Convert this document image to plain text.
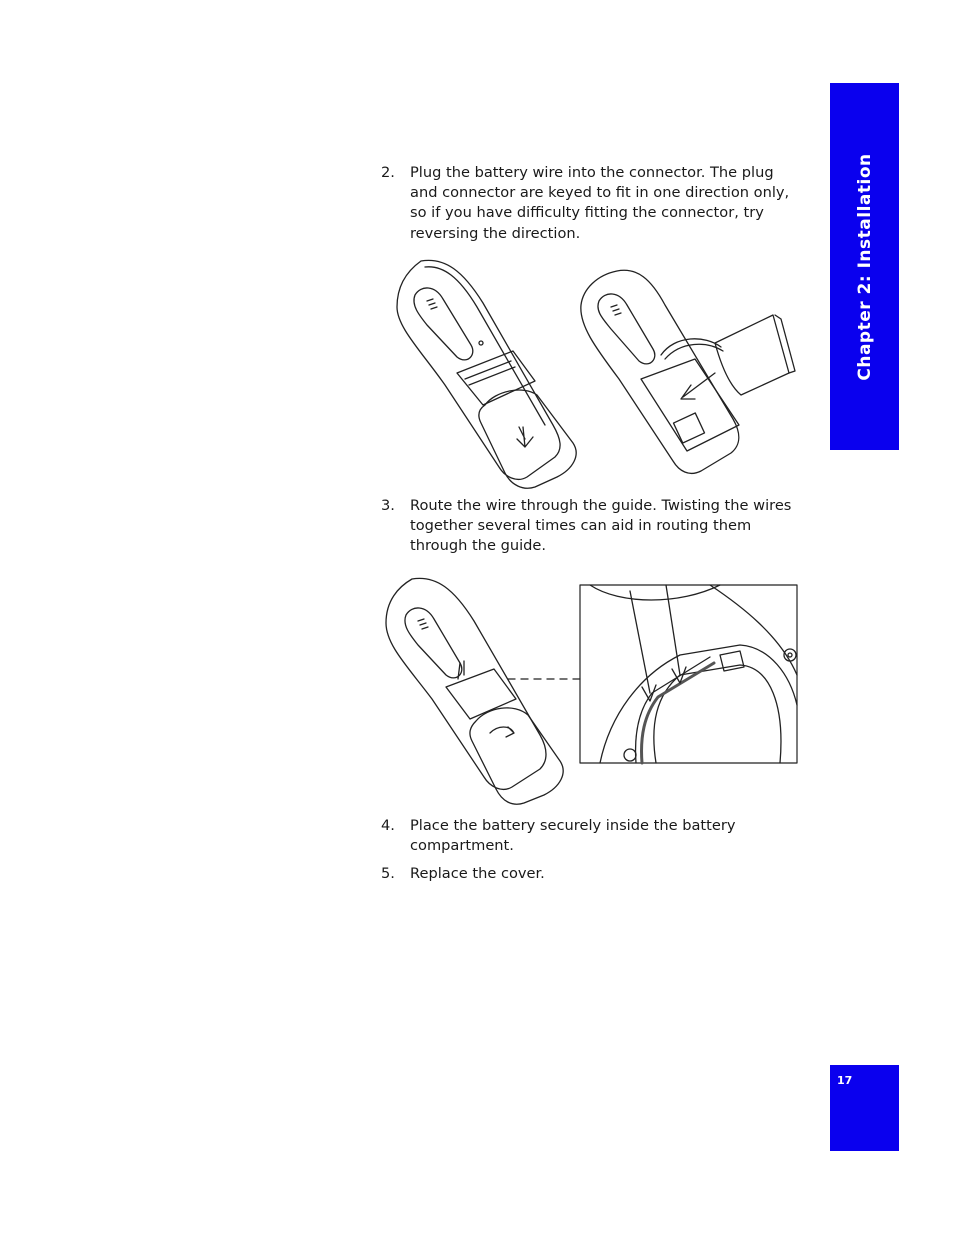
Chapter 2: Installation
17
2. Plug the battery wire into the connector. The plug and connector are keyed to fit in one direction only, so if you have difficulty fitting the connector, try reversing the direction.
3. Route the wire through the guide. Twisting the wires together several times can aid in routing them through the guide.
4. Place the battery securely inside the battery compartment.
5. Replace the cover.
